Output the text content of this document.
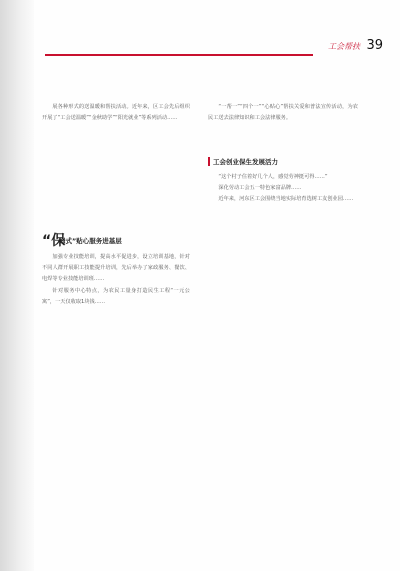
工会帮扶 39

展各种形式的送温暖和帮扶活动。近年来，区工会先后组织开展了“工会送温暖”“金秋助学”“阳光就业”等系列活动……

“保
姆式”贴心服务进基层

加强专业技能培训，提高水平促进步，设立培训基地，针对不同人群开展职工技能提升培训，先后举办了家政服务、餐饮、电焊等专业技能培训班……

针对服务中心特点，为农民工量身打造民生工程“一元公寓”，一天仅收取1块钱……

“一帮一”“四个一”“心贴心”帮扶关爱和普法宣传活动，为农民工送去法律知识和工会法律服务。

工会创业保生发展活力

“这个村子住着好几个人，感觉劳神挺可得……”

深化劳动工会五一特色家富品牌……

近年来，河东区工会围绕当地实际培育选树工友创业园……
